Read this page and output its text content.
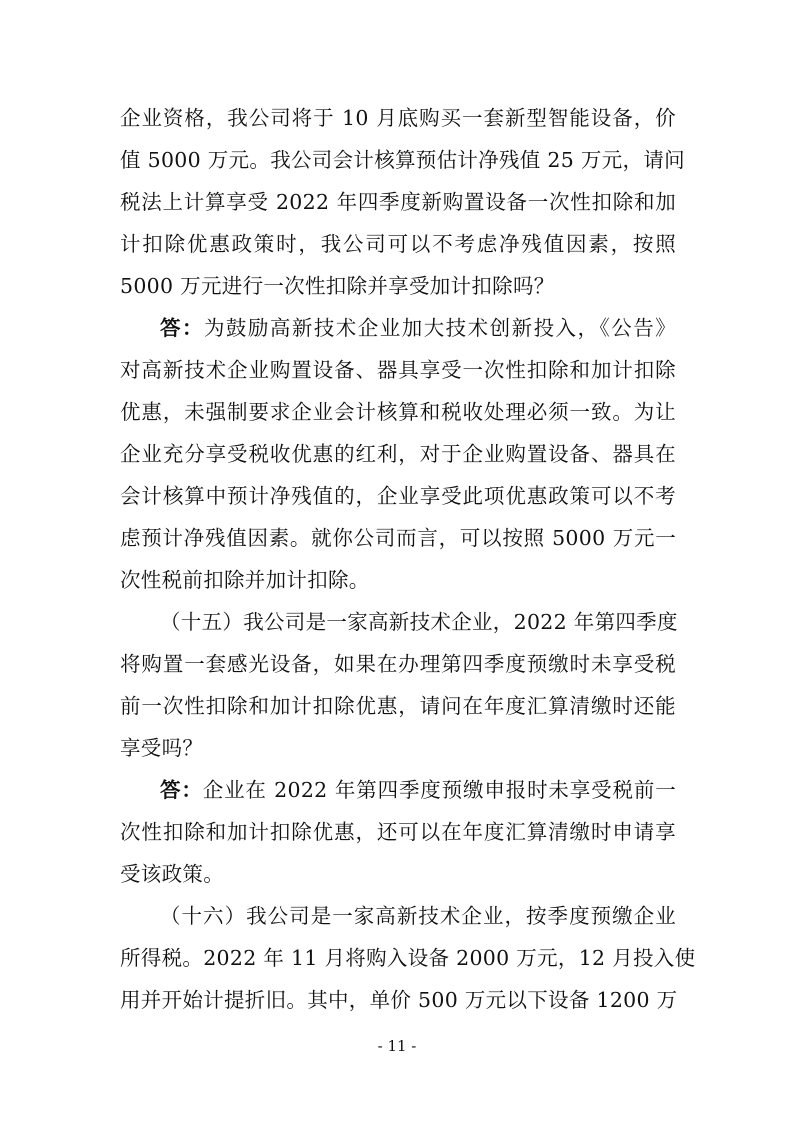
企业资格，我公司将于 10 月底购买一套新型智能设备，价
值 5000 万元。我公司会计核算预估计净残值 25 万元，请问
税法上计算享受 2022 年四季度新购置设备一次性扣除和加
计扣除优惠政策时，我公司可以不考虑净残值因素，按照
5000 万元进行一次性扣除并享受加计扣除吗？
答：为鼓励高新技术企业加大技术创新投入，《公告》
对高新技术企业购置设备、器具享受一次性扣除和加计扣除
优惠，未强制要求企业会计核算和税收处理必须一致。为让
企业充分享受税收优惠的红利，对于企业购置设备、器具在
会计核算中预计净残值的，企业享受此项优惠政策可以不考
虑预计净残值因素。就你公司而言，可以按照 5000 万元一
次性税前扣除并加计扣除。
（十五）我公司是一家高新技术企业，2022 年第四季度
将购置一套感光设备，如果在办理第四季度预缴时未享受税
前一次性扣除和加计扣除优惠，请问在年度汇算清缴时还能
享受吗？
答：企业在 2022 年第四季度预缴申报时未享受税前一
次性扣除和加计扣除优惠，还可以在年度汇算清缴时申请享
受该政策。
（十六）我公司是一家高新技术企业，按季度预缴企业
所得税。2022 年 11 月将购入设备 2000 万元，12 月投入使
用并开始计提折旧。其中，单价 500 万元以下设备 1200 万
- 11 -
